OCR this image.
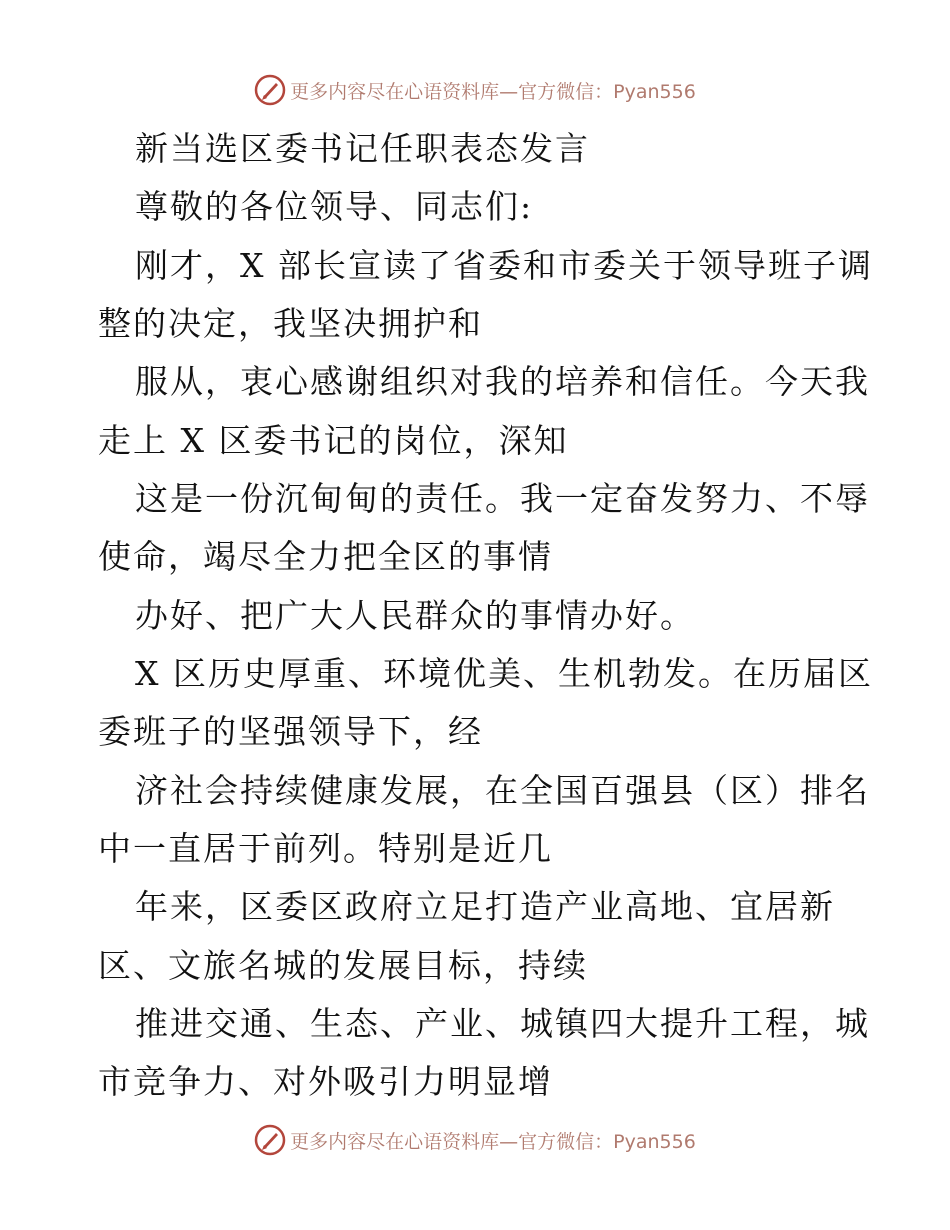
更多内容尽在心语资料库—官方微信：Pyan556
新当选区委书记任职表态发言
尊敬的各位领导、同志们:
刚才，X 部长宣读了省委和市委关于领导班子调
整的决定，我坚决拥护和
服从，衷心感谢组织对我的培养和信任。今天我
走上 X 区委书记的岗位，深知
这是一份沉甸甸的责任。我一定奋发努力、不辱
使命，竭尽全力把全区的事情
办好、把广大人民群众的事情办好。
X 区历史厚重、环境优美、生机勃发。在历届区
委班子的坚强领导下，经
济社会持续健康发展，在全国百强县（区）排名
中一直居于前列。特别是近几
年来，区委区政府立足打造产业高地、宜居新
区、文旅名城的发展目标，持续
推进交通、生态、产业、城镇四大提升工程，城
市竞争力、对外吸引力明显增
更多内容尽在心语资料库—官方微信：Pyan556
